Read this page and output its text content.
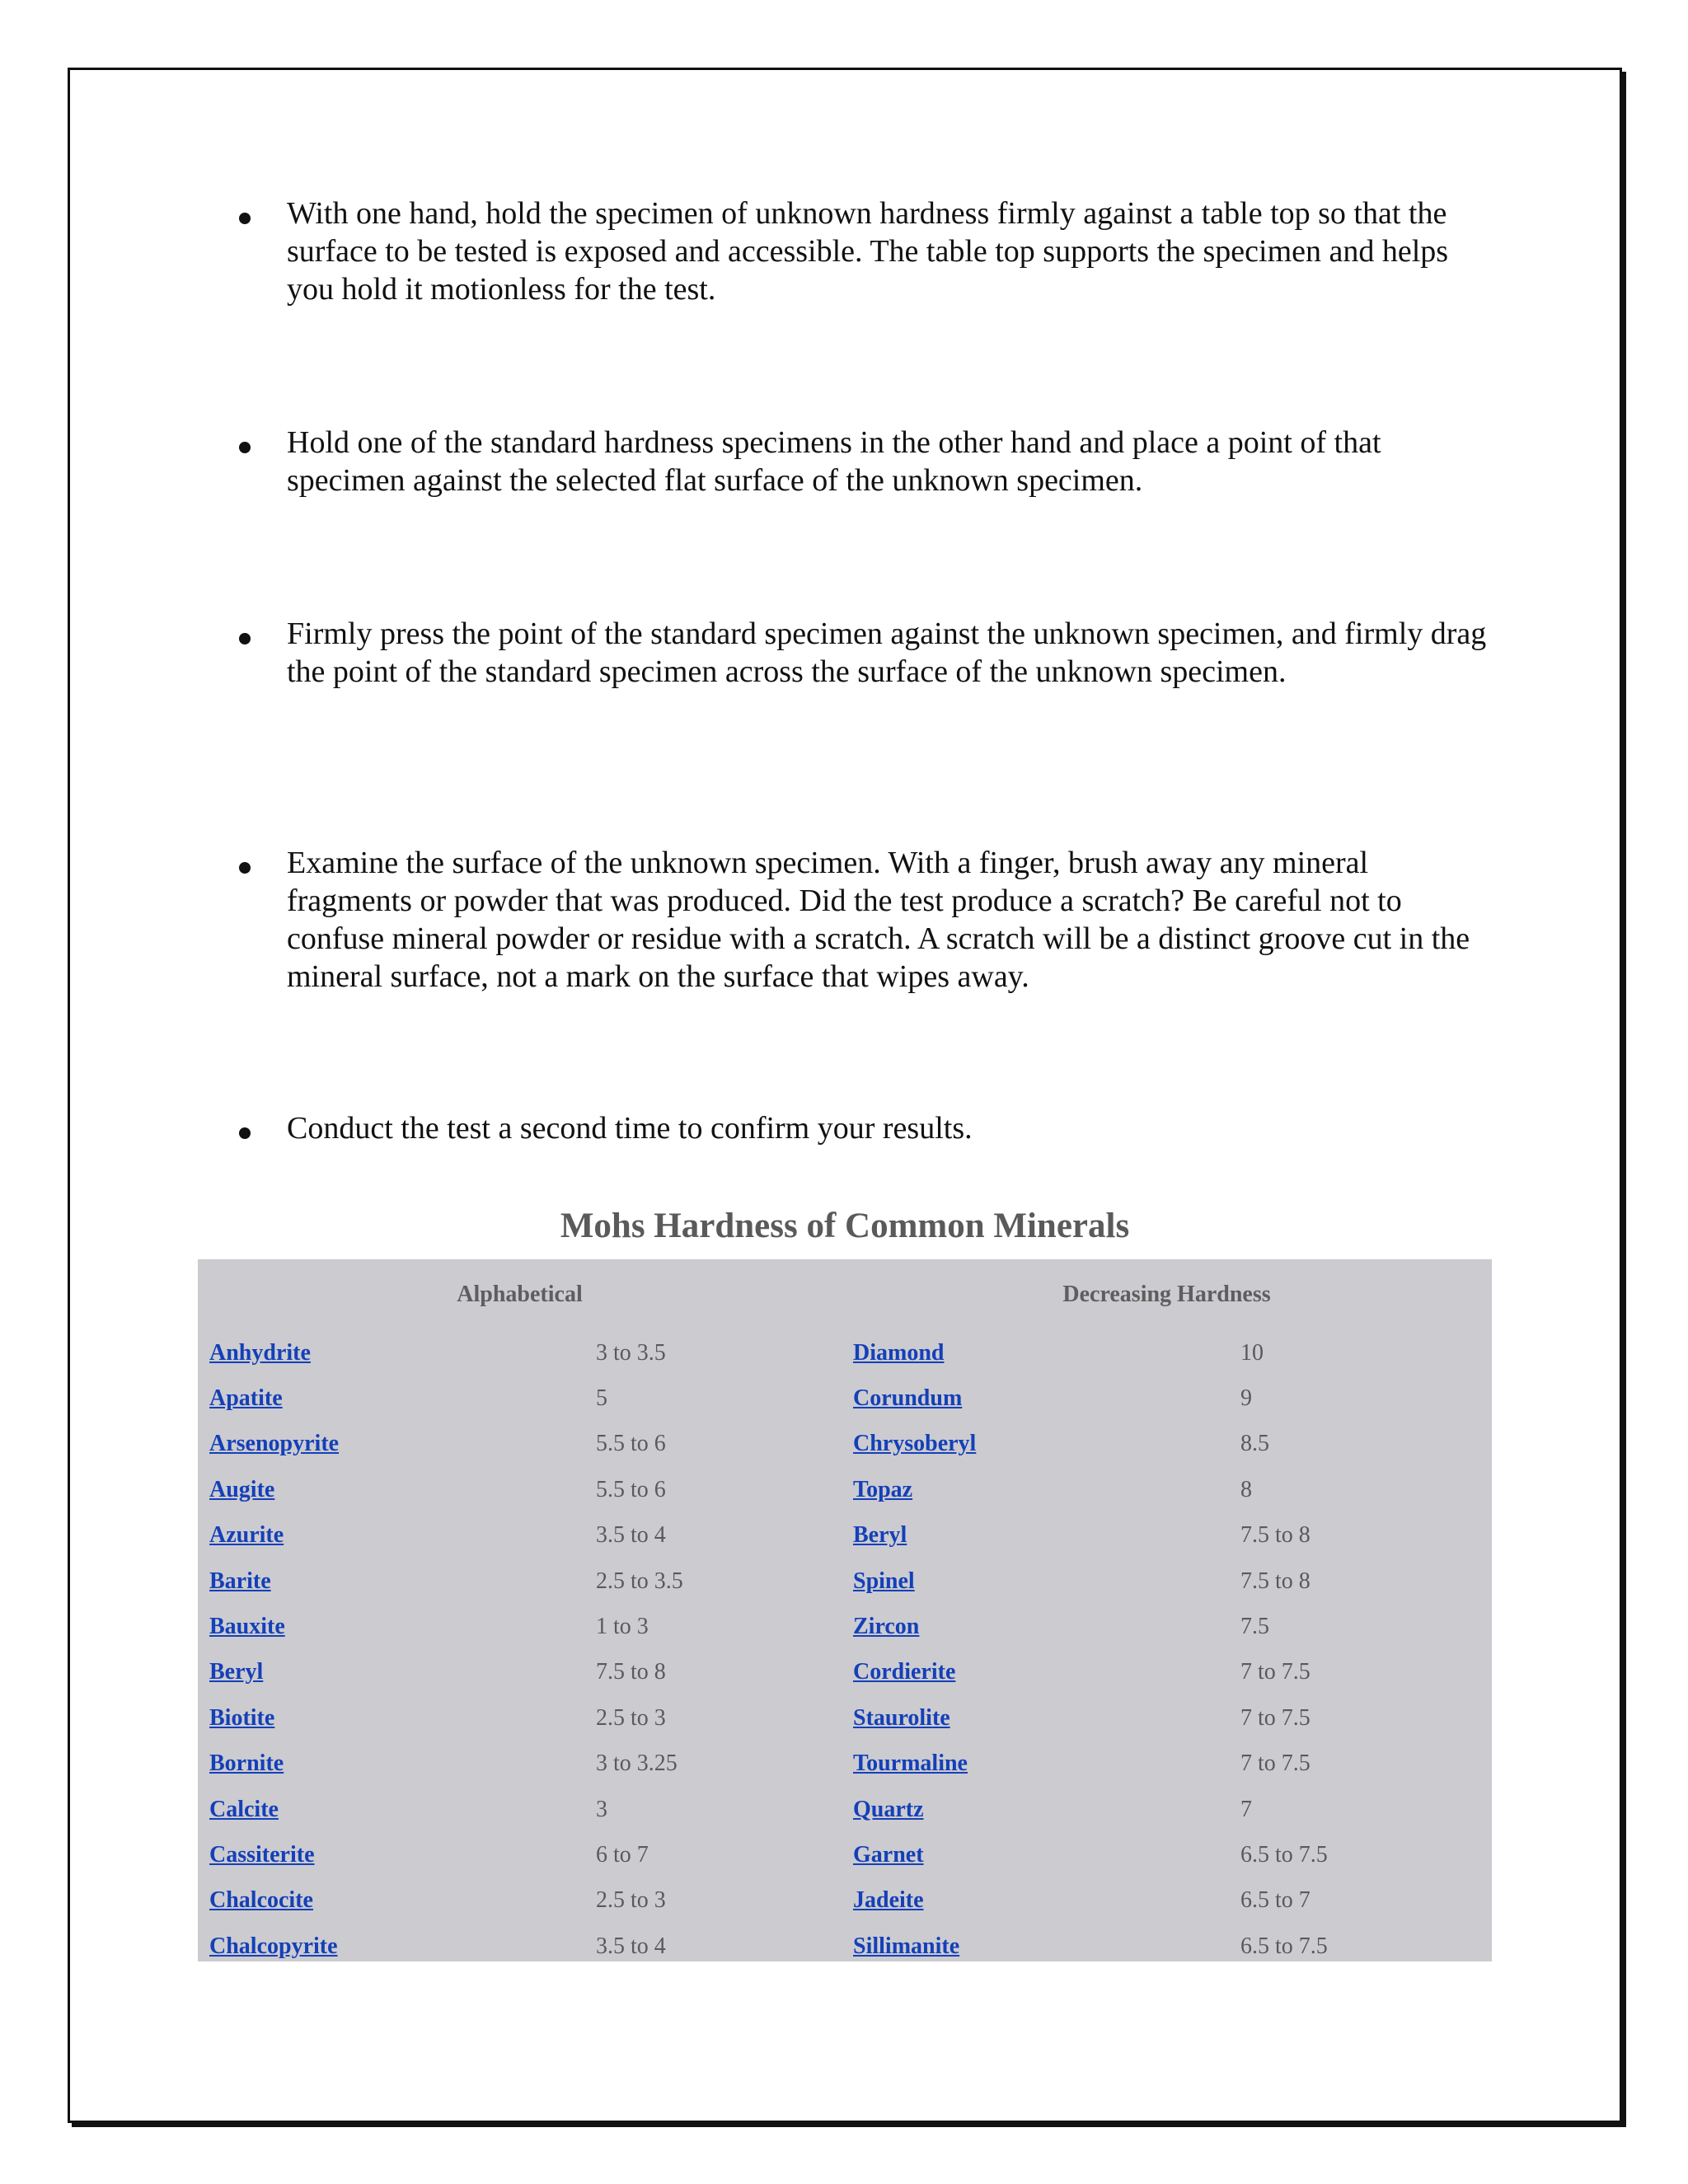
With one hand, hold the specimen of unknown hardness firmly against a table top so that the surface to be tested is exposed and accessible. The table top supports the specimen and helps you hold it motionless for the test.
Hold one of the standard hardness specimens in the other hand and place a point of that specimen against the selected flat surface of the unknown specimen.
Firmly press the point of the standard specimen against the unknown specimen, and firmly drag the point of the standard specimen across the surface of the unknown specimen.
Examine the surface of the unknown specimen. With a finger, brush away any mineral fragments or powder that was produced. Did the test produce a scratch? Be careful not to confuse mineral powder or residue with a scratch. A scratch will be a distinct groove cut in the mineral surface, not a mark on the surface that wipes away.
Conduct the test a second time to confirm your results.
Mohs Hardness of Common Minerals
Alphabetical		Decreasing Hardness	
Anhydrite	3 to 3.5	Diamond	10
Apatite	5	Corundum	9
Arsenopyrite	5.5 to 6	Chrysoberyl	8.5
Augite	5.5 to 6	Topaz	8
Azurite	3.5 to 4	Beryl	7.5 to 8
Barite	2.5 to 3.5	Spinel	7.5 to 8
Bauxite	1 to 3	Zircon	7.5
Beryl	7.5 to 8	Cordierite	7 to 7.5
Biotite	2.5 to 3	Staurolite	7 to 7.5
Bornite	3 to 3.25	Tourmaline	7 to 7.5
Calcite	3	Quartz	7
Cassiterite	6 to 7	Garnet	6.5 to 7.5
Chalcocite	2.5 to 3	Jadeite	6.5 to 7
Chalcopyrite	3.5 to 4	Sillimanite	6.5 to 7.5
